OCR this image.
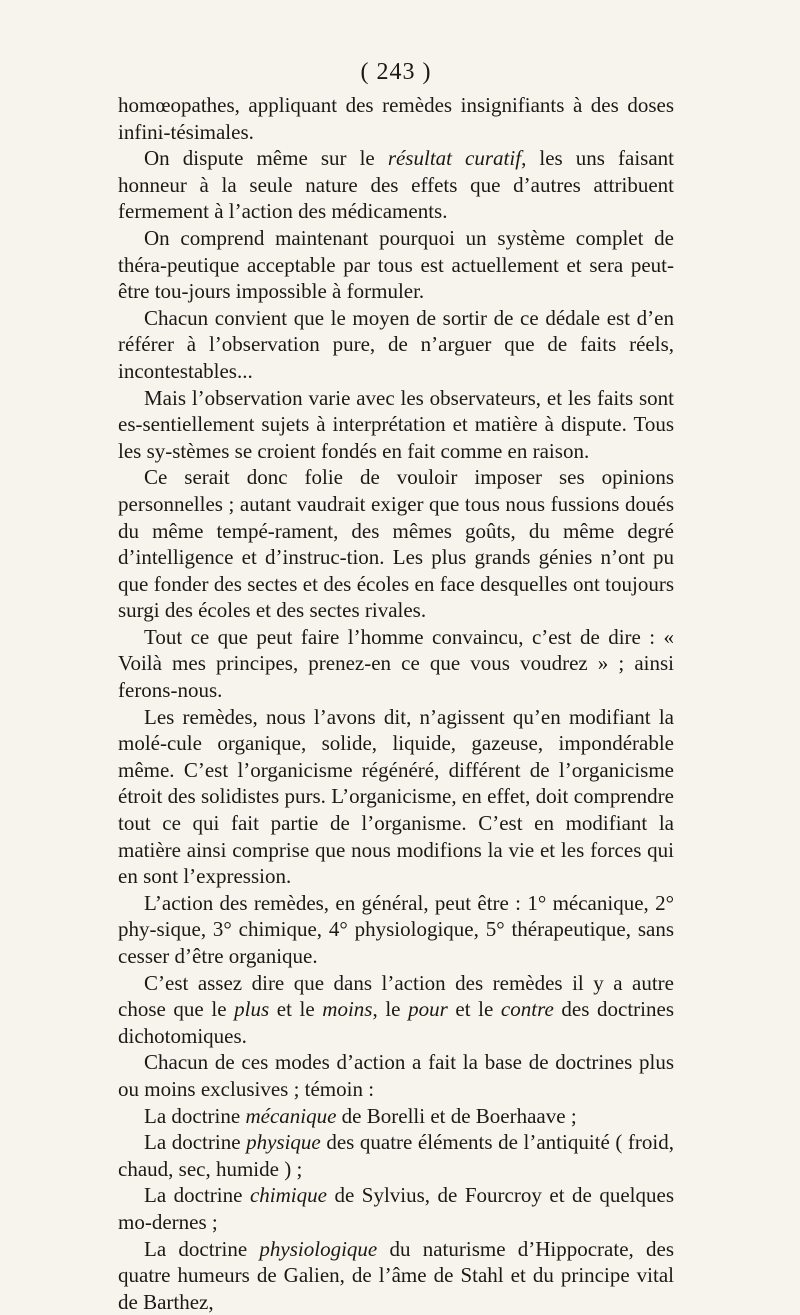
( 243 )

homœopathes, appliquant des remèdes insignifiants à des doses infini-tésimales.

On dispute même sur le résultat curatif, les uns faisant honneur à la seule nature des effets que d’autres attribuent fermement à l’action des médicaments.

On comprend maintenant pourquoi un système complet de théra-peutique acceptable par tous est actuellement et sera peut-être tou-jours impossible à formuler.

Chacun convient que le moyen de sortir de ce dédale est d’en référer à l’observation pure, de n’arguer que de faits réels, incontestables...

Mais l’observation varie avec les observateurs, et les faits sont es-sentiellement sujets à interprétation et matière à dispute. Tous les sy-stèmes se croient fondés en fait comme en raison.

Ce serait donc folie de vouloir imposer ses opinions personnelles ; autant vaudrait exiger que tous nous fussions doués du même tempé-rament, des mêmes goûts, du même degré d’intelligence et d’instruc-tion. Les plus grands génies n’ont pu que fonder des sectes et des écoles en face desquelles ont toujours surgi des écoles et des sectes rivales.

Tout ce que peut faire l’homme convaincu, c’est de dire : « Voilà mes principes, prenez-en ce que vous voudrez » ; ainsi ferons-nous.

Les remèdes, nous l’avons dit, n’agissent qu’en modifiant la molé-cule organique, solide, liquide, gazeuse, impondérable même. C’est l’organicisme régénéré, différent de l’organicisme étroit des solidistes purs. L’organicisme, en effet, doit comprendre tout ce qui fait partie de l’organisme. C’est en modifiant la matière ainsi comprise que nous modifions la vie et les forces qui en sont l’expression.

L’action des remèdes, en général, peut être : 1° mécanique, 2° phy-sique, 3° chimique, 4° physiologique, 5° thérapeutique, sans cesser d’être organique.

C’est assez dire que dans l’action des remèdes il y a autre chose que le plus et le moins, le pour et le contre des doctrines dichotomiques.

Chacun de ces modes d’action a fait la base de doctrines plus ou moins exclusives ; témoin :

La doctrine mécanique de Borelli et de Boerhaave ;

La doctrine physique des quatre éléments de l’antiquité ( froid, chaud, sec, humide ) ;

La doctrine chimique de Sylvius, de Fourcroy et de quelques mo-dernes ;

La doctrine physiologique du naturisme d’Hippocrate, des quatre humeurs de Galien, de l’âme de Stahl et du principe vital de Barthez,
